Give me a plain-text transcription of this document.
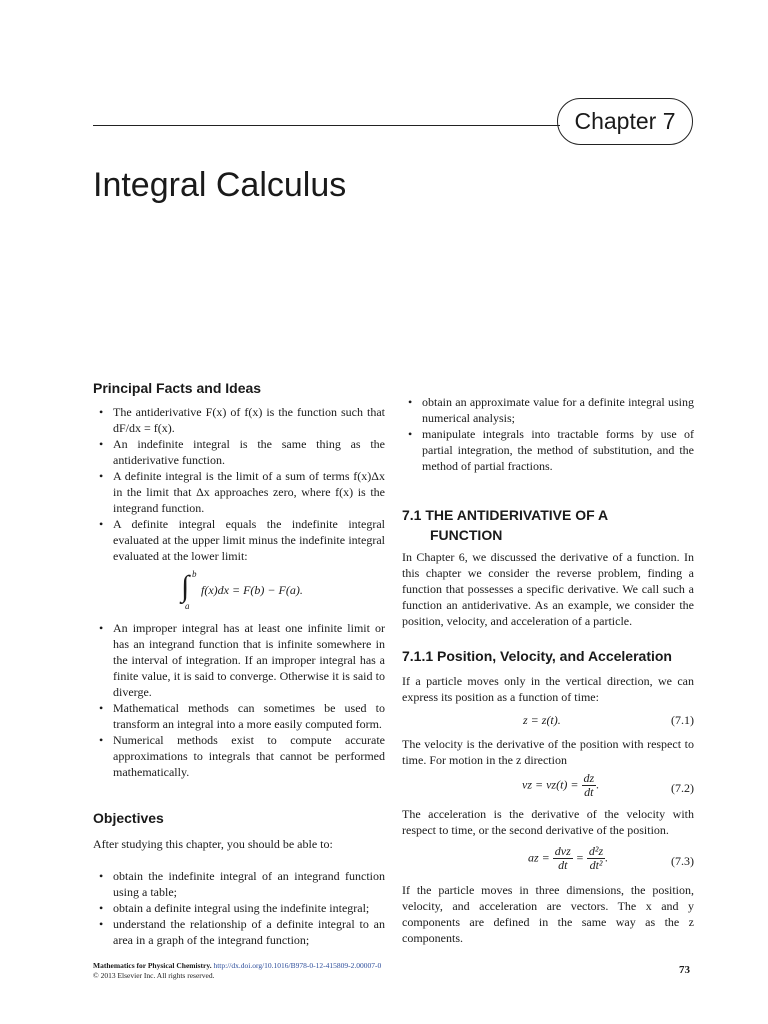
Chapter 7
Integral Calculus
Principal Facts and Ideas
• The antiderivative F(x) of f(x) is the function such that dF/dx = f(x).
• An indefinite integral is the same thing as the antiderivative function.
• A definite integral is the limit of a sum of terms f(x)Δx in the limit that Δx approaches zero, where f(x) is the integrand function.
• A definite integral equals the indefinite integral evaluated at the upper limit minus the indefinite integral evaluated at the lower limit:
∫ b
a
f(x)dx = F(b) − F(a).
• An improper integral has at least one infinite limit or has an integrand function that is infinite somewhere in the interval of integration. If an improper integral has a finite value, it is said to converge. Otherwise it is said to diverge.
• Mathematical methods can sometimes be used to transform an integral into a more easily computed form.
• Numerical methods exist to compute accurate approximations to integrals that cannot be performed mathematically.
Objectives

After studying this chapter, you should be able to:

• obtain the indefinite integral of an integrand function using a table;
• obtain a definite integral using the indefinite integral;
• understand the relationship of a definite integral to an area in a graph of the integrand function;
• obtain an approximate value for a definite integral using numerical analysis;
• manipulate integrals into tractable forms by use of partial integration, the method of substitution, and the method of partial fractions.
7.1 THE ANTIDERIVATIVE OF A
FUNCTION

In Chapter 6, we discussed the derivative of a function. In this chapter we consider the reverse problem, finding a function that possesses a specific derivative. We call such a function an antiderivative. As an example, we consider the position, velocity, and acceleration of a particle.

7.1.1 Position, Velocity, and Acceleration

If a particle moves only in the vertical direction, we can express its position as a function of time:

z = z(t).	(7.1)

The velocity is the derivative of the position with respect to time. For motion in the z direction

vz = $vz(t) = \frac{dz}{dt}$ .	(7.2)

The acceleration is the derivative of the velocity with respect to time, or the second derivative of the position.

az = $\frac{\text{dvz}}{dt} = \frac{\text{d²z}}{\text{dt²}}$ .	(7.3)

If the particle moves in three dimensions, the position, velocity, and acceleration are vectors. The x and y components are defined in the same way as the z components.

Mathematics for Physical Chemistry. http://dx.doi.org/10.1016/B978-0-12-415809-2.00007-0
© 2013 Elsevier Inc. All rights reserved.	73
